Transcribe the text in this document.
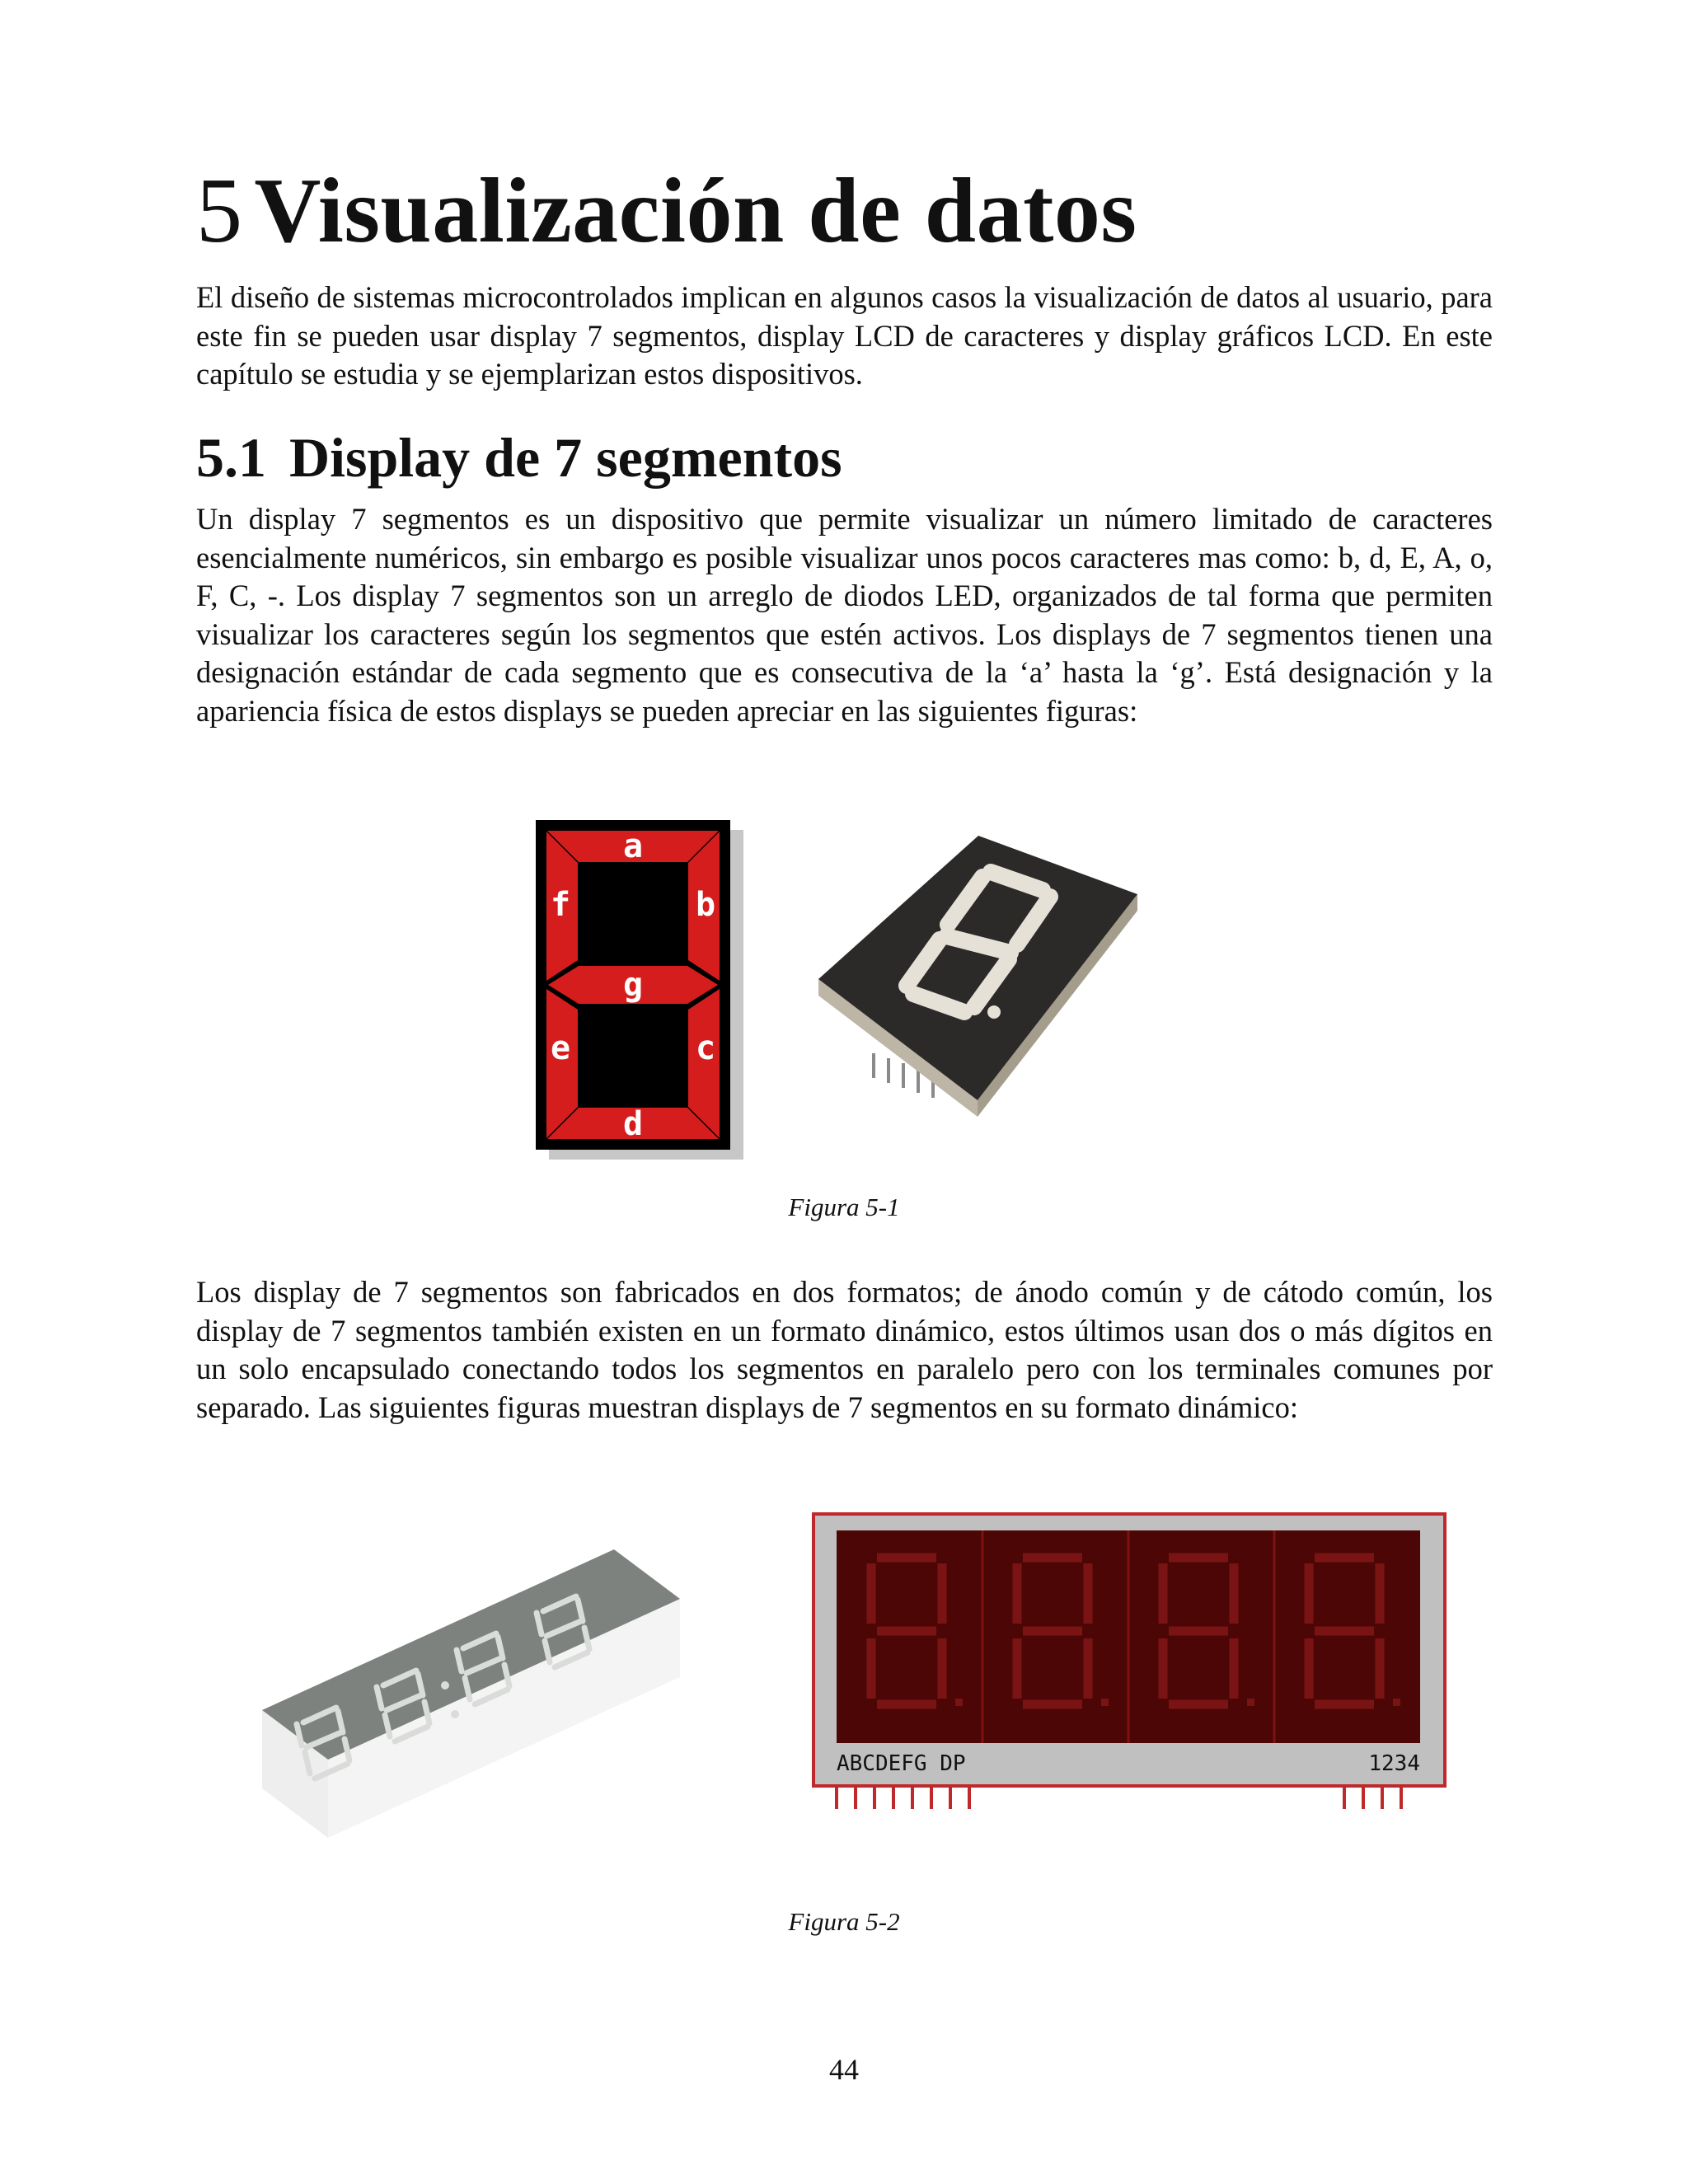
5 Visualización de datos

El diseño de sistemas microcontrolados implican en algunos casos la visualización de datos al usuario, para este fin se pueden usar display 7 segmentos, display LCD de caracteres y display gráficos LCD. En este capítulo se estudia y se ejemplarizan estos dispositivos.

5.1 Display de 7 segmentos

Un display 7 segmentos es un dispositivo que permite visualizar un número limitado de caracteres esencialmente numéricos, sin embargo es posible visualizar unos pocos caracteres mas como: b, d, E, A, o, F, C, -. Los display 7 segmentos son un arreglo de diodos LED, organizados de tal forma que permiten visualizar los caracteres según los segmentos que estén activos. Los displays de 7 segmentos tienen una designación estándar de cada segmento que es consecutiva de la ‘a’ hasta la ‘g’. Está designación y la apariencia física de estos displays se pueden apreciar en las siguientes figuras:

a
f	b
g
e	c
d

Figura 5-1

Los display de 7 segmentos son fabricados en dos formatos; de ánodo común y de cátodo común, los display de 7 segmentos también existen en un formato dinámico, estos últimos usan dos o más dígitos en un solo encapsulado conectando todos los segmentos en paralelo pero con los terminales comunes por separado. Las siguientes figuras muestran displays de 7 segmentos en su formato dinámico:

ABCDEFG DP	1234

Figura 5-2

44
